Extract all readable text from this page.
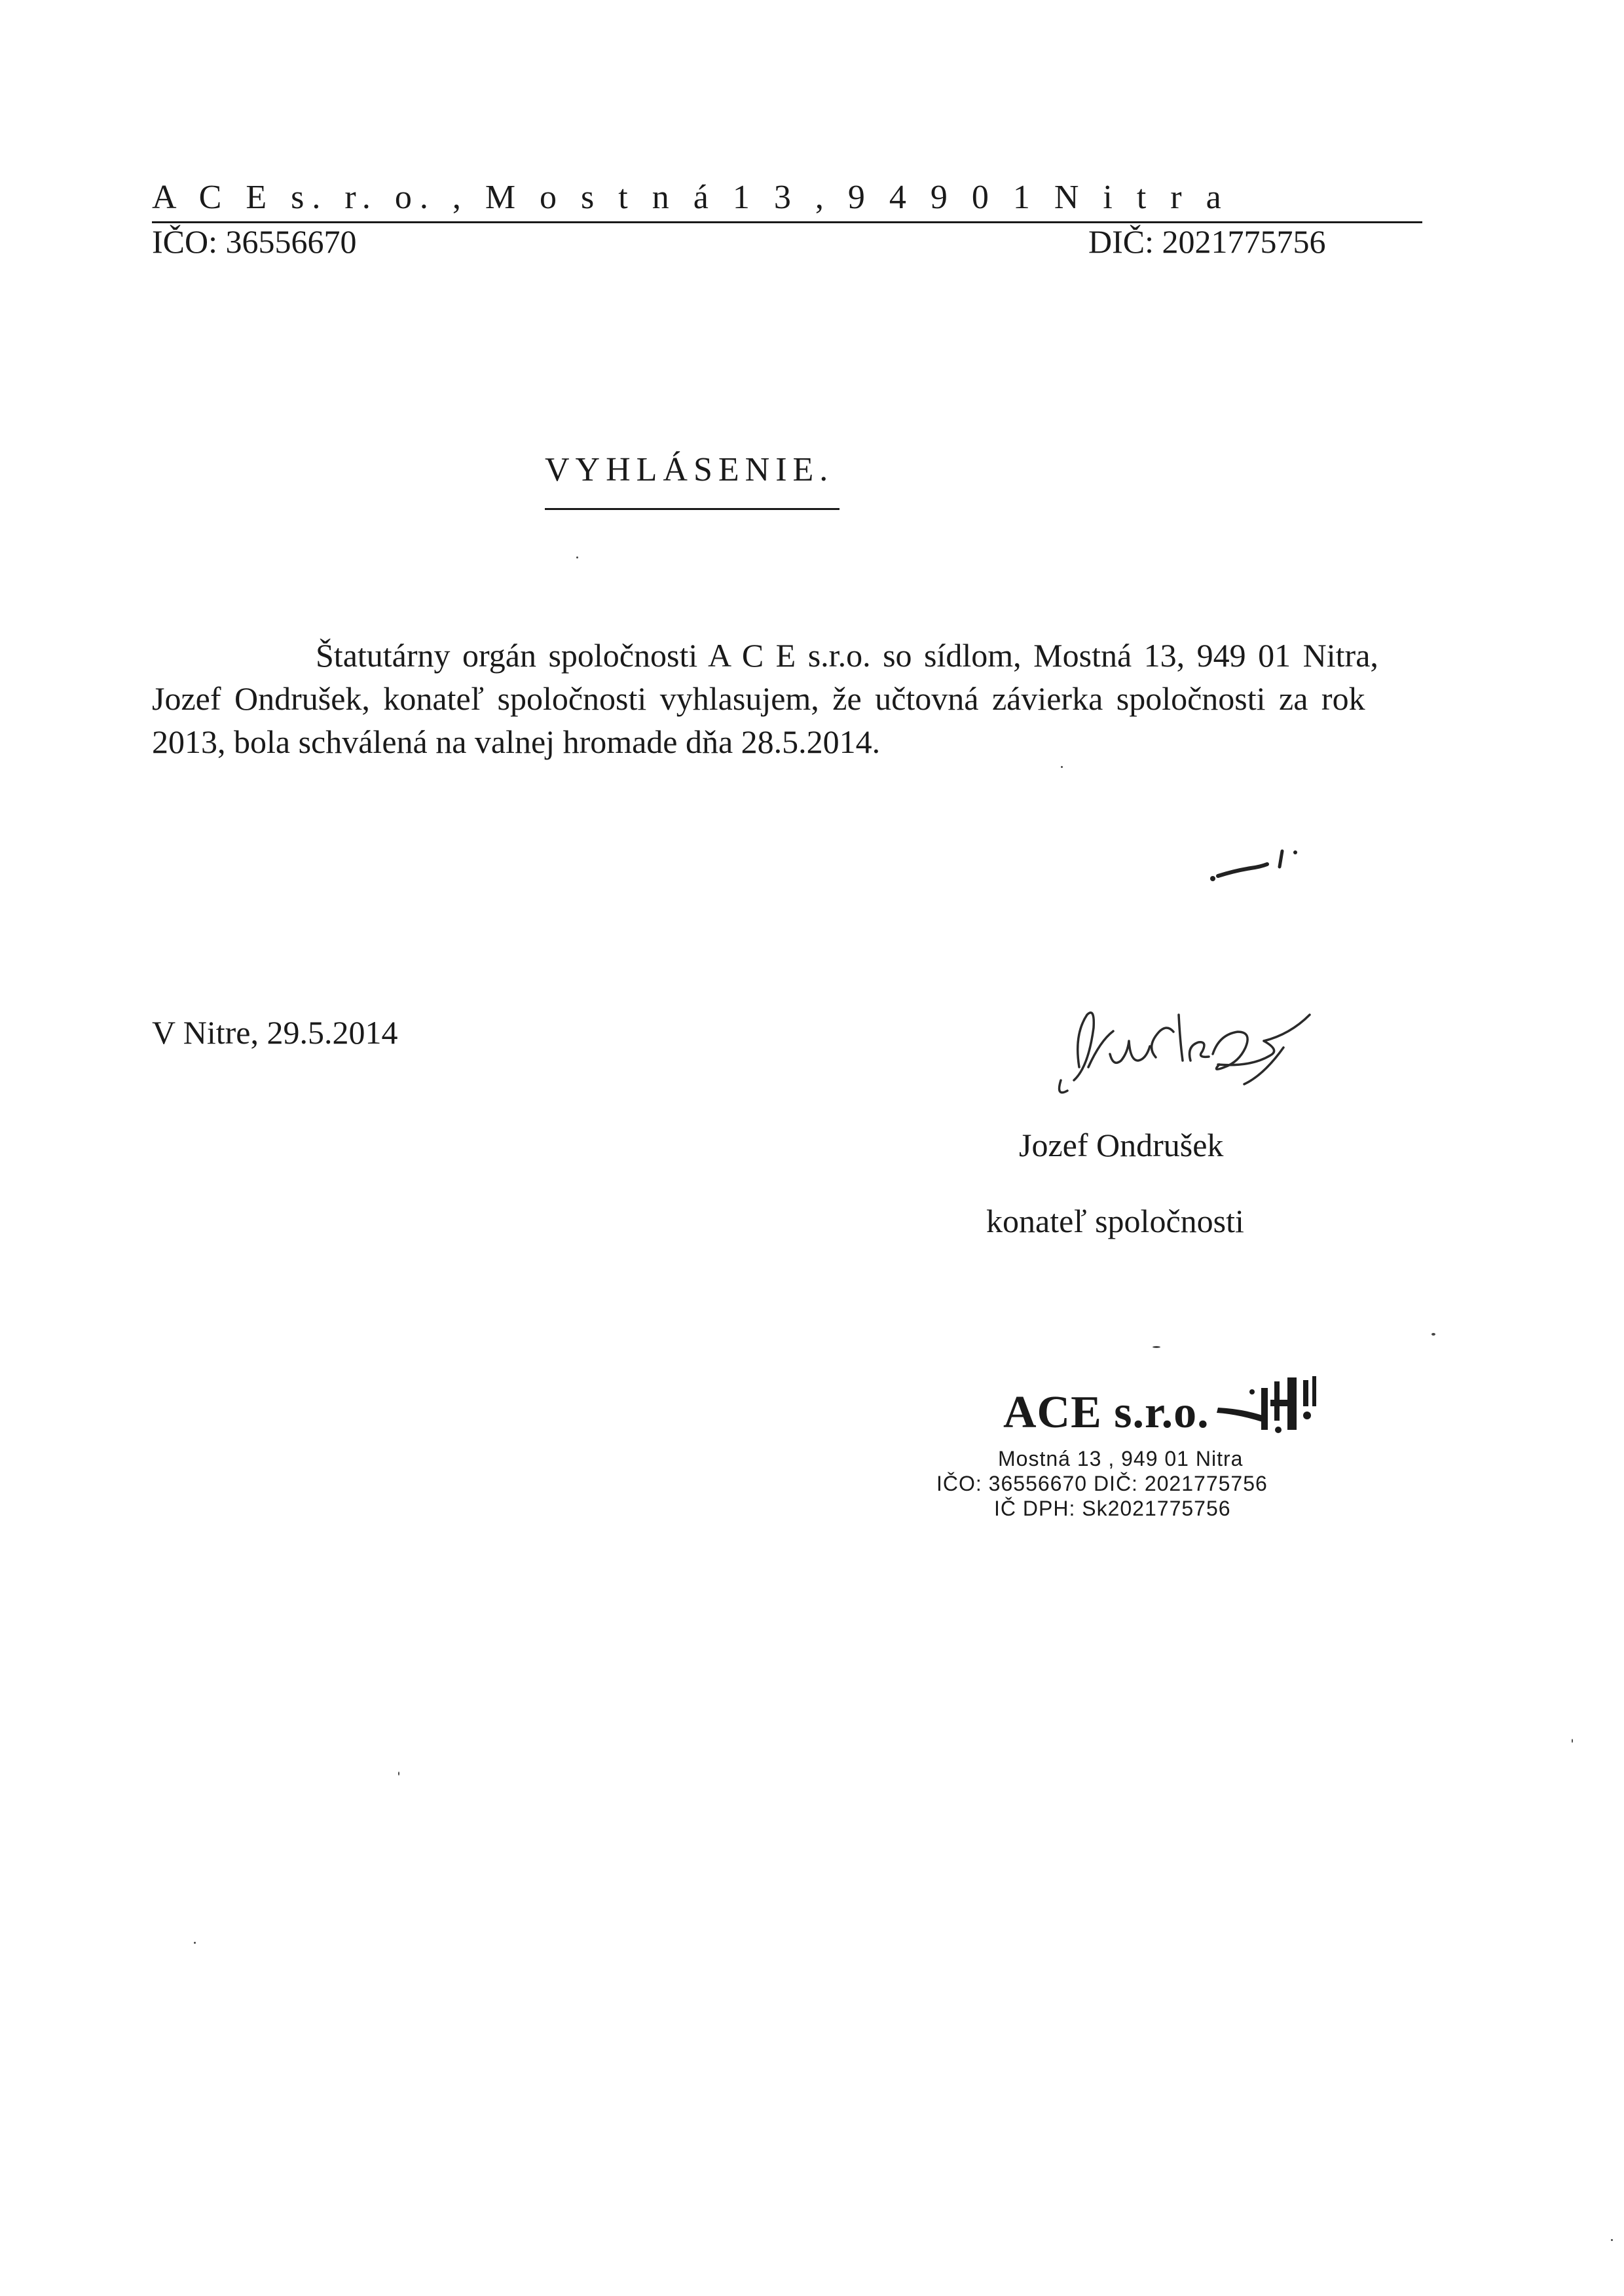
A C E s. r. o. , M o s t n á 1 3 , 9 4 9 0 1 N i t r a
IČO: 36556670	DIČ: 2021775756
VYHLÁSENIE.
Štatutárny orgán spoločnosti A C E s.r.o. so sídlom, Mostná 13, 949 01 Nitra,
Jozef Ondrušek, konateľ spoločnosti vyhlasujem, že učtovná závierka spoločnosti za rok
2013, bola schválená na valnej hromade dňa 28.5.2014.
V Nitre, 29.5.2014
Jozef Ondrušek
konateľ spoločnosti
ACE s.r.o.
Mostná 13 , 949 01 Nitra
IČO: 36556670 DIČ: 2021775756
IČ DPH: Sk2021775756
